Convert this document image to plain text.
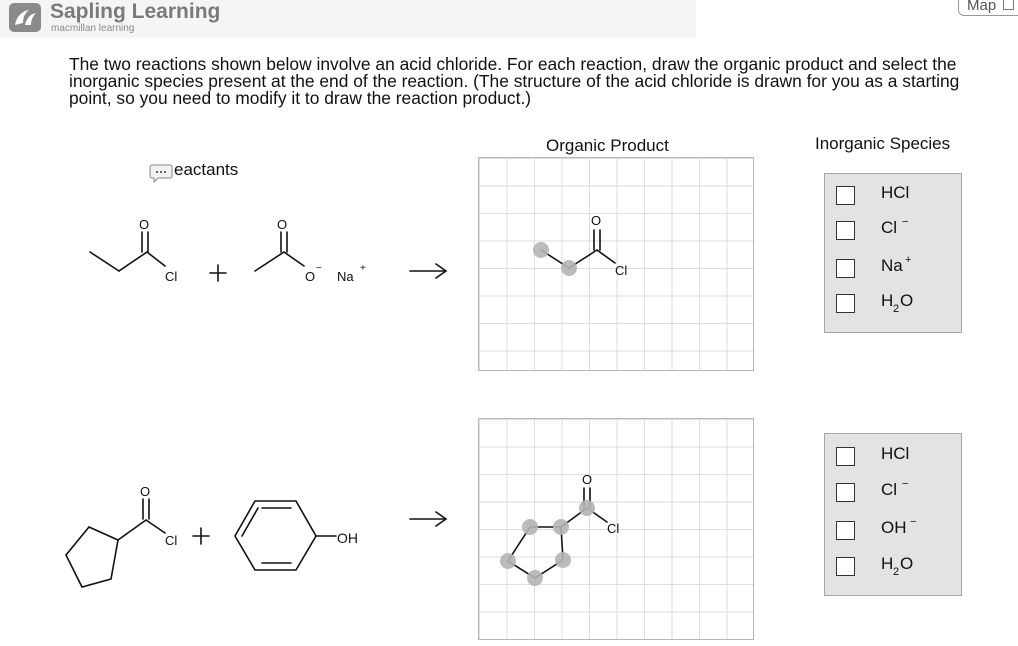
Sapling Learning
macmillan learning
Map
The two reactions shown below involve an acid chloride. For each reaction, draw the organic product and select the inorganic species present at the end of the reaction. (The structure of the acid chloride is drawn for you as a starting point, so you need to modify it to draw the reaction product.)
Organic Product	Inorganic Species
eactants
O
Cl
O
O
−
Na
+
O
Cl
O
Cl	OH
O
Cl
HCl
Cl −
Na +
H 2 O
HCl
Cl −
OH −
H 2 O
